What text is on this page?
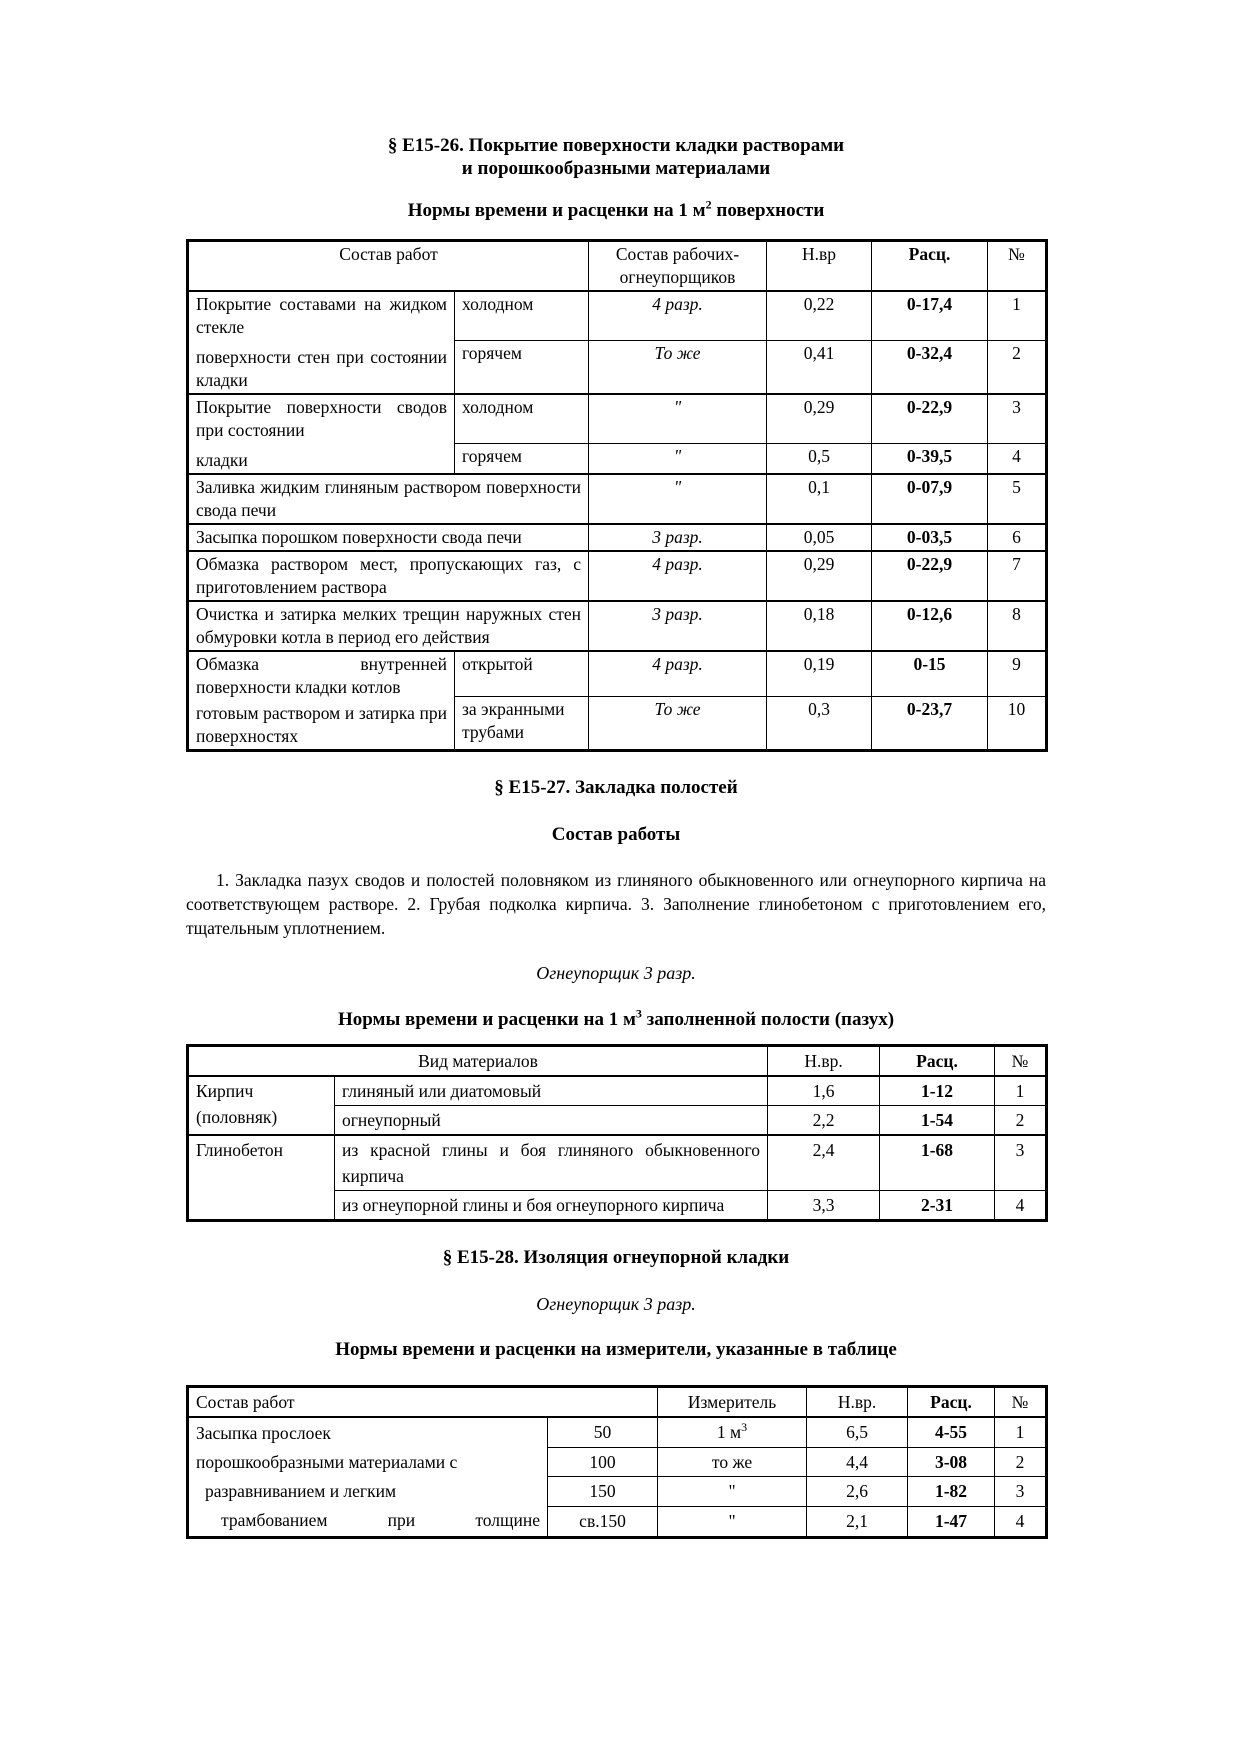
§ Е15-26. Покрытие поверхности кладки растворами
и порошкообразными материалами
Нормы времени и расценки на 1 $м^2$ поверхности
Состав работ		Состав рабочих-огнеупорщиков	Н.вр	Расц.	№

Покрытие составами на жидком стекле
поверхности стен при состоянии кладки	холодном	4 разр.	0,22	0-17,4	1
	горячем	То же	0,41	0-32,4	2

Покрытие поверхности сводов при состоянии
кладки	холодном	"	0,29	0-22,9	3
	горячем	"	0,5	0-39,5	4
Заливка жидким глиняным раствором поверхности свода печи		"	0,1	0-07,9	5
Засыпка порошком поверхности свода печи		3 разр.	0,05	0-03,5	6
Обмазка раствором мест, пропускающих газ, с приготовлением раствора		4 разр.	0,29	0-22,9	7
Очистка и затирка мелких трещин наружных стен обмуровки котла в период его действия		3 разр.	0,18	0-12,6	8

Обмазка внутренней поверхности кладки котлов
готовым раствором и затирка при поверхностях	открытой	4 разр.	0,19	0-15	9
	за экранными трубами	То же	0,3	0-23,7	10
§ Е15-27. Закладка полостей
Состав работы
1. Закладка пазух сводов и полостей половняком из глиняного обыкновенного или огнеупорного кирпича на соответствующем растворе. 2. Грубая подколка кирпича. 3. Заполнение глинобетоном с приготовлением его, тщательным уплотнением.
Огнеупорщик 3 разр.
Нормы времени и расценки на 1 $м^3$ заполненной полости (пазух)
Вид материалов		Н.вр.	Расц.	№
Кирпич (половняк)	глиняный или диатомовый	1,6	1-12	1
	огнеупорный	2,2	1-54	2
Глинобетон	из красной глины и боя глиняного обыкновенного кирпича	2,4	1-68	3
	из огнеупорной глины и боя огнеупорного кирпича	3,3	2-31	4
§ Е15-28. Изоляция огнеупорной кладки
Огнеупорщик 3 разр.
Нормы времени и расценки на измерители, указанные в таблице
Состав работ		Измеритель	Н.вр.	Расц.	№

Засыпка прослоек
порошкообразными материалами с
разравниванием и легким
трамбованием при толщине	50	1 $м^3$	6,5	4-55	1
	100	то же	4,4	3-08	2
	150	"	2,6	1-82	3
	св.150	"	2,1	1-47	4
